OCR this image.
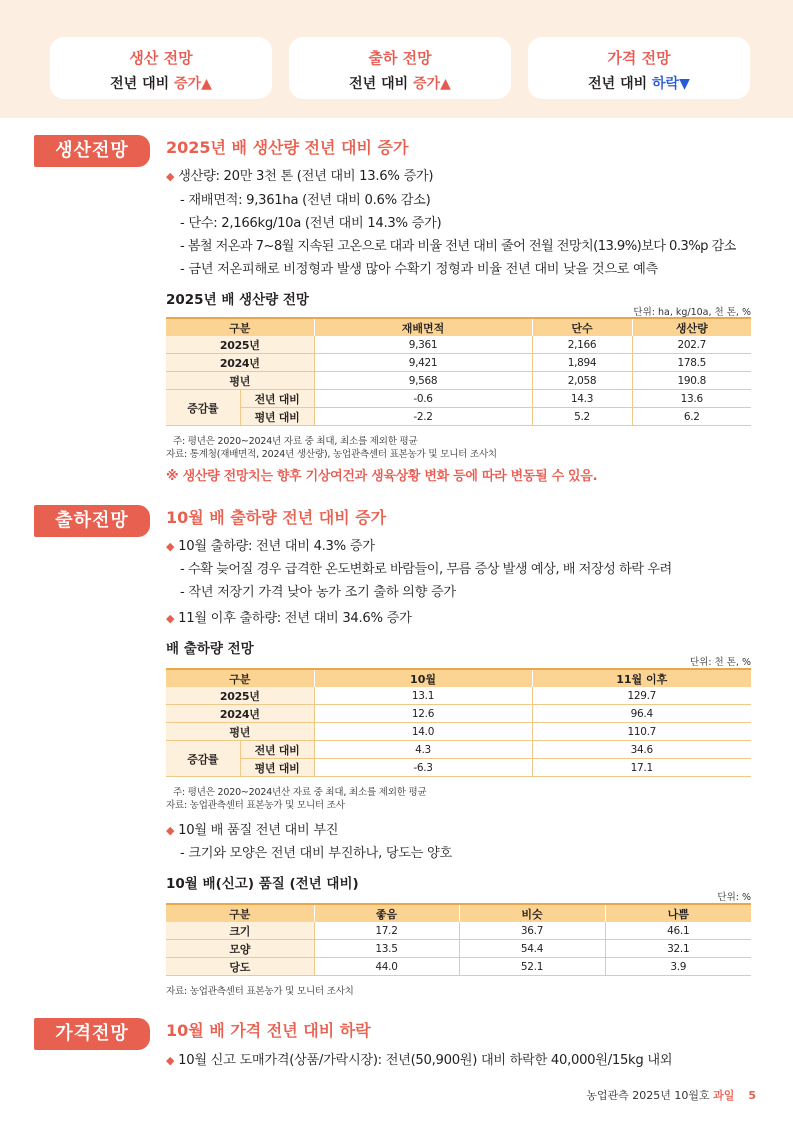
생산 전망
전년 대비 증가▲
출하 전망
전년 대비 증가▲
가격 전망
전년 대비 하락▼
생산전망	2025년 배 생산량 전년 대비 증가
◆ 생산량: 20만 3천 톤 (전년 대비 13.6% 증가)
- 재배면적: 9,361ha (전년 대비 0.6% 감소)
- 단수: 2,166kg/10a (전년 대비 14.3% 증가)
- 봄철 저온과 7~8월 지속된 고온으로 대과 비율 전년 대비 줄어 전월 전망치(13.9%)보다 0.3%p 감소
- 금년 저온피해로 비정형과 발생 많아 수확기 정형과 비율 전년 대비 낮을 것으로 예측
2025년 배 생산량 전망
단위: ha, kg/10a, 천 톤, %
구분		재배면적	단수	생산량
2025년		9,361	2,166	202.7
2024년		9,421	1,894	178.5
평년		9,568	2,058	190.8
증감률	전년 대비	-0.6	14.3	13.6
	평년 대비	-2.2	5.2	6.2
주: 평년은 2020~2024년 자료 중 최대, 최소를 제외한 평균
자료: 통계청(재배면적, 2024년 생산량), 농업관측센터 표본농가 및 모니터 조사치
※ 생산량 전망치는 향후 기상여건과 생육상황 변화 등에 따라 변동될 수 있음.
출하전망	10월 배 출하량 전년 대비 증가
◆ 10월 출하량: 전년 대비 4.3% 증가
- 수확 늦어질 경우 급격한 온도변화로 바람들이, 무름 증상 발생 예상, 배 저장성 하락 우려
- 작년 저장기 가격 낮아 농가 조기 출하 의향 증가
◆ 11월 이후 출하량: 전년 대비 34.6% 증가
배 출하량 전망
단위: 천 톤, %
구분		10월	11월 이후
2025년		13.1	129.7
2024년		12.6	96.4
평년		14.0	110.7
증감률	전년 대비	4.3	34.6
	평년 대비	-6.3	17.1
주: 평년은 2020~2024년산 자료 중 최대, 최소를 제외한 평균
자료: 농업관측센터 표본농가 및 모니터 조사
◆ 10월 배 품질 전년 대비 부진
- 크기와 모양은 전년 대비 부진하나, 당도는 양호
10월 배(신고) 품질 (전년 대비)
단위: %
구분	좋음	비슷	나쁨
크기	17.2	36.7	46.1
모양	13.5	54.4	32.1
당도	44.0	52.1	3.9
자료: 농업관측센터 표본농가 및 모니터 조사치
가격전망	10월 배 가격 전년 대비 하락
◆ 10월 신고 도매가격(상품/가락시장): 전년(50,900원) 대비 하락한 40,000원/15kg 내외
농업관측 2025년 10월호 과일 5
